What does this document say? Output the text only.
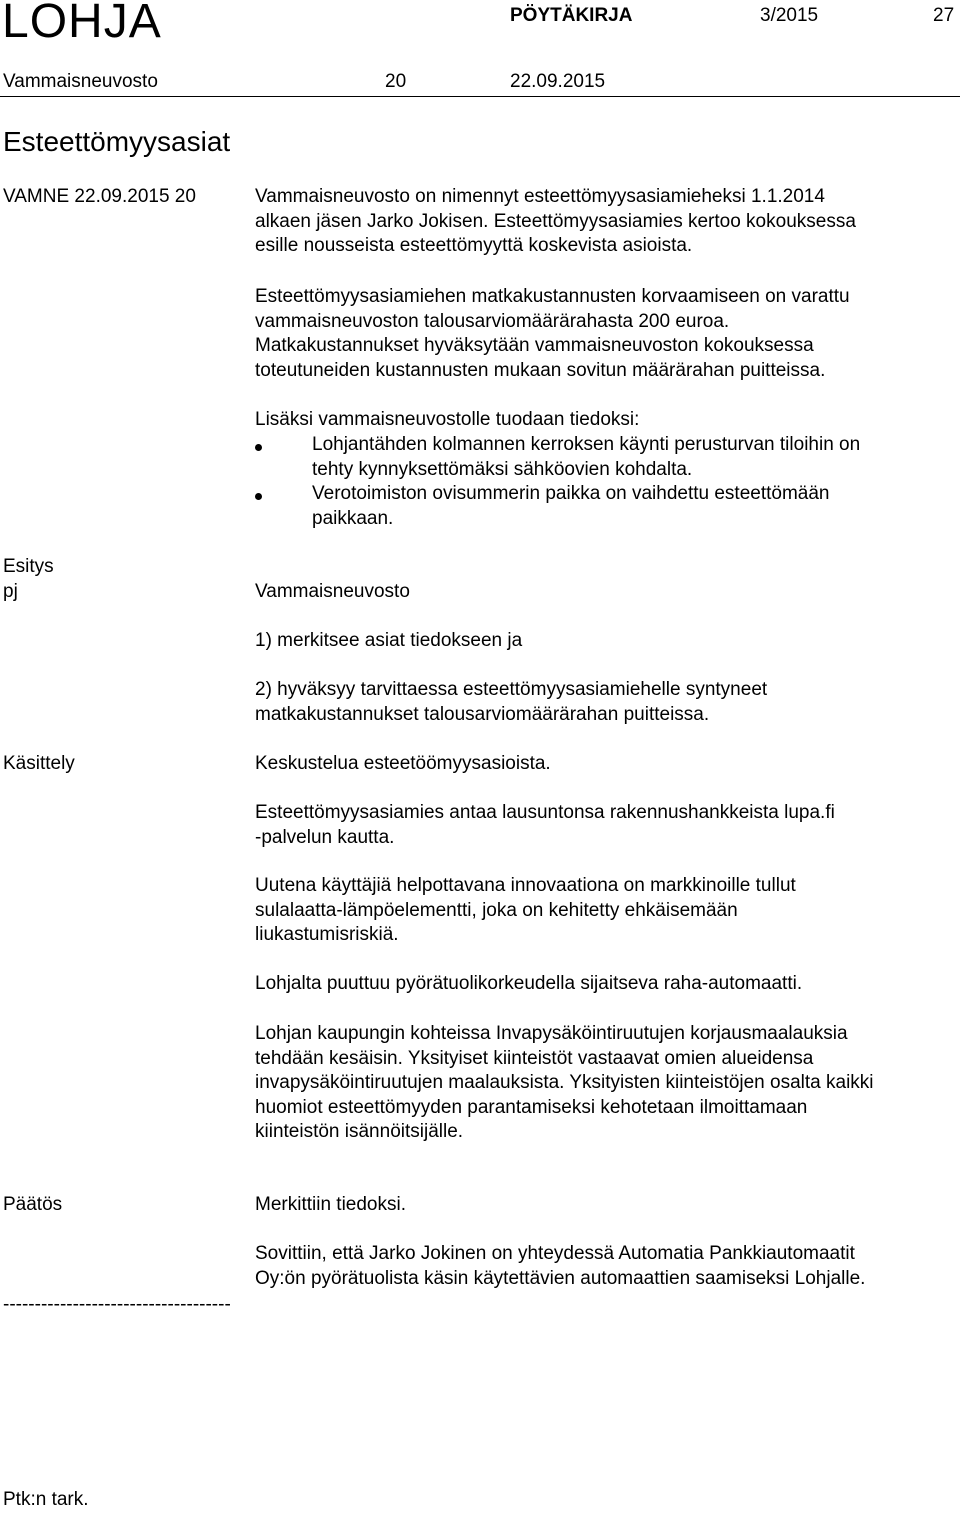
LOHJA	PÖYTÄKIRJA	3/2015	27
Vammaisneuvosto	20	22.09.2015
Esteettömyysasiat
VAMNE 22.09.2015 20	Vammaisneuvosto on nimennyt esteettömyysasiamieheksi 1.1.2014
alkaen jäsen Jarko Jokisen. Esteettömyysasiamies kertoo kokouksessa
esille nousseista esteettömyyttä koskevista asioista.
Esteettömyysasiamiehen matkakustannusten korvaamiseen on varattu
vammaisneuvoston talousarviomäärärahasta 200 euroa.
Matkakustannukset hyväksytään vammaisneuvoston kokouksessa
toteutuneiden kustannusten mukaan sovitun määrärahan puitteissa.
Lisäksi vammaisneuvostolle tuodaan tiedoksi:
Lohjantähden kolmannen kerroksen käynti perusturvan tiloihin on
tehty kynnyksettömäksi sähköovien kohdalta.
Verotoimiston ovisummerin paikka on vaihdettu esteettömään
paikkaan.
Esitys
pj	Vammaisneuvosto
1) merkitsee asiat tiedokseen ja
2) hyväksyy tarvittaessa esteettömyysasiamiehelle syntyneet
matkakustannukset talousarviomäärärahan puitteissa.
Käsittely	Keskustelua esteetöömyysasioista.
Esteettömyysasiamies antaa lausuntonsa rakennushankkeista lupa.fi
-palvelun kautta.
Uutena käyttäjiä helpottavana innovaationa on markkinoille tullut
sulalaatta-lämpöelementti, joka on kehitetty ehkäisemään
liukastumisriskiä.
Lohjalta puuttuu pyörätuolikorkeudella sijaitseva raha-automaatti.
Lohjan kaupungin kohteissa Invapysäköintiruutujen korjausmaalauksia
tehdään kesäisin. Yksityiset kiinteistöt vastaavat omien alueidensa
invapysäköintiruutujen maalauksista. Yksityisten kiinteistöjen osalta kaikki
huomiot esteettömyyden parantamiseksi kehotetaan ilmoittamaan
kiinteistön isännöitsijälle.
Päätös	Merkittiin tiedoksi.
Sovittiin, että Jarko Jokinen on yhteydessä Automatia Pankkiautomaatit
Oy:ön pyörätuolista käsin käytettävien automaattien saamiseksi Lohjalle.
------------------------------------
Ptk:n tark.
